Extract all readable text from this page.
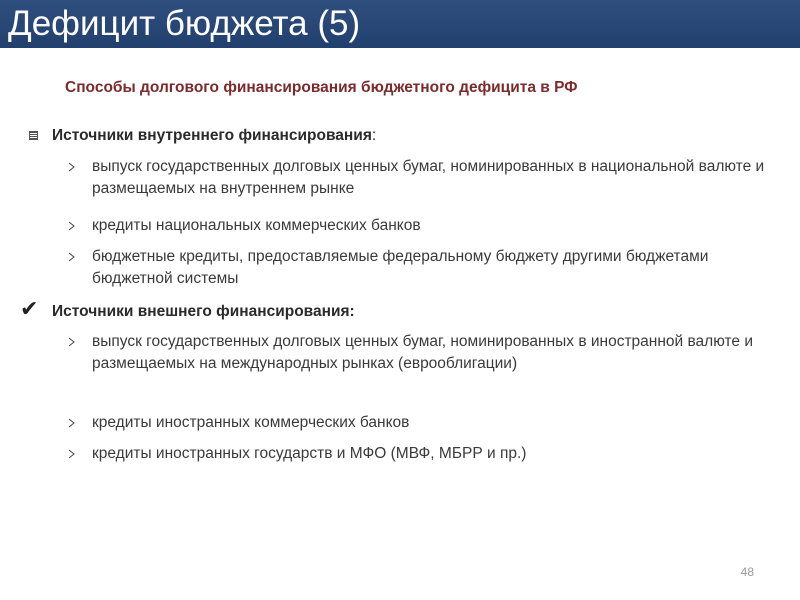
Дефицит бюджета (5)
Способы долгового финансирования бюджетного дефицита в РФ
Источники внутреннего финансирования:
выпуск государственных долговых ценных бумаг, номинированных в национальной валюте и размещаемых на внутреннем рынке
кредиты национальных коммерческих банков
бюджетные кредиты, предоставляемые федеральному бюджету другими бюджетами бюджетной системы
✔ Источники внешнего финансирования:
выпуск государственных долговых ценных бумаг, номинированных в иностранной валюте и размещаемых на международных рынках (еврооблигации)
кредиты иностранных коммерческих банков
кредиты иностранных государств и МФО (МВФ, МБРР и пр.)
48
